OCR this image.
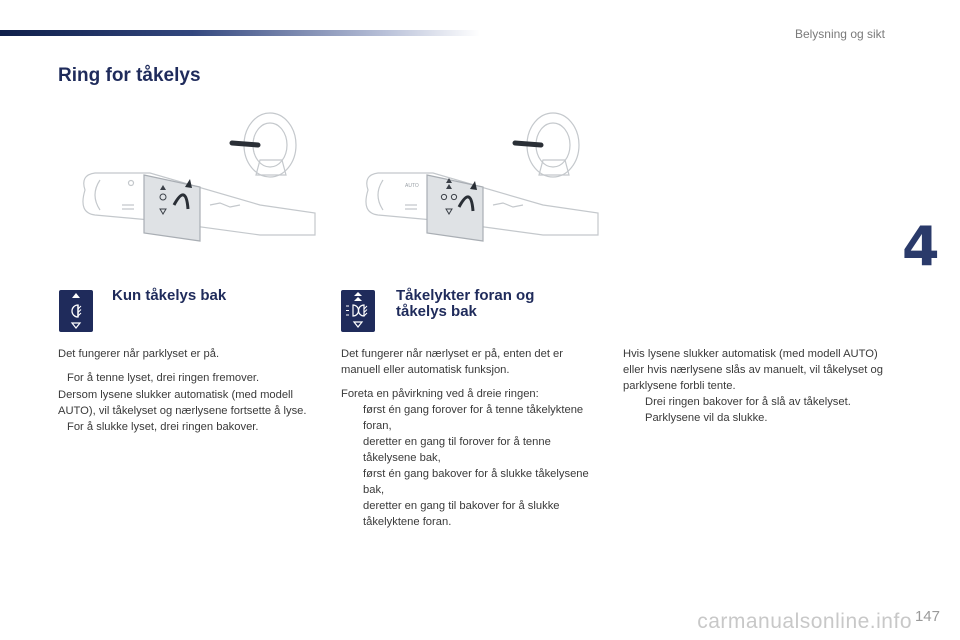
Belysning og sikt
Ring for tåkelys
4
AUTO
Kun tåkelys bak	Tåkelykter foran og tåkelys bak

Det fungerer når parklyset er på.

For å tenne lyset, drei ringen fremover.

Dersom lysene slukker automatisk (med modell AUTO), vil tåkelyset og nærlysene fortsette å lyse.

For å slukke lyset, drei ringen bakover.

Det fungerer når nærlyset er på, enten det er manuell eller automatisk funksjon.

Foreta en påvirkning ved å dreie ringen:

først én gang forover for å tenne tåkelyktene foran,

deretter en gang til forover for å tenne tåkelysene bak,

først én gang bakover for å slukke tåkelysene bak,

deretter en gang til bakover for å slukke tåkelyktene foran.

Hvis lysene slukker automatisk (med modell AUTO) eller hvis nærlysene slås av manuelt, vil tåkelyset og parklysene forbli tente.

Drei ringen bakover for å slå av tåkelyset. Parklysene vil da slukke.

147
carmanualsonline.info
